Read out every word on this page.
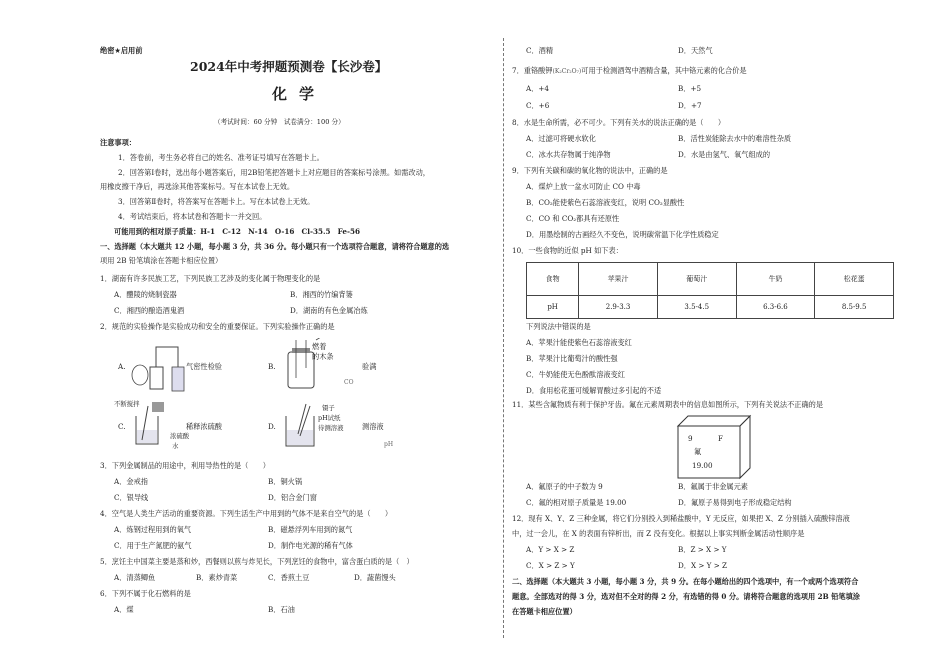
绝密★启用前
2024年中考押题预测卷【长沙卷】
化学
（考试时间：60 分钟　试卷满分：100 分）
注意事项：
1．答卷前，考生务必将自己的姓名、准考证号填写在答题卡上。
2．回答第Ⅰ卷时，选出每小题答案后，用2B铅笔把答题卡上对应题目的答案标号涂黑。如需改动，
用橡皮擦干净后，再选涂其他答案标号。写在本试卷上无效。
3．回答第Ⅱ卷时，将答案写在答题卡上。写在本试卷上无效。
4．考试结束后，将本试卷和答题卡一并交回。
可能用到的相对原子质量：H-1　C-12　N-14　O-16　Cl-35.5　Fe-56
一、选择题（本大题共 12 小题，每小题 3 分，共 36 分。每小题只有一个选项符合题意，请将符合题意的选
项用 2B 铅笔填涂在答题卡相应位置）
1．湖南有许多民族工艺，下列民族工艺涉及的变化属于物理变化的是
A．醴陵的烧制瓷器	B．湘西的竹编背篓
C．湘西的酿造酒鬼酒	D．湖南的有色金属冶炼
2．规范的实验操作是实验成功和安全的重要保证。下列实验操作正确的是
A.	气密性检验	B.
燃着
的木条
验满
CO
C.
不断搅拌
浓硫酸
水
稀释浓硫酸	D.
镊子
pH试纸
待测溶液	测溶液
pH
3．下列金属制品的用途中，利用导热性的是（　　）
A．金戒指	B．铜火锅
C．银导线	D．铝合金门窗
4．空气是人类生产活动的重要资源。下列生活生产中用到的气体不是来自空气的是（　　）
A．炼钢过程用到的氧气	B．磁悬浮列车用到的氮气
C．用于生产氮肥的氨气	D．制作电光源的稀有气体
5．烹饪主中国菜主要是蒸和炒，西餐则以煎与炸见长，下列烹饪的食物中，富含蛋白质的是（　）
A．清蒸鲫鱼	B．素炒青菜	C．香煎土豆	D．蔬菌馒头
6．下列不属于化石燃料的是
A．煤	B．石油
C．酒精	D．天然气
7．重铬酸钾(K₂Cr₂O₇)可用于检测酒驾中酒精含量，其中铬元素的化合价是
A．+4	B．+5
C．+6	D．+7
8．水是生命所需，必不可少。下列有关水的说法正确的是（　　）
A．过滤可将硬水软化	B．活性炭能除去水中的难溶性杂质
C．冰水共存物属于纯净物	D．水是由氢气、氧气组成的
9．下列有关碳和碳的氧化物的说法中，正确的是
A．煤炉上放一盆水可防止 CO 中毒
B．CO₂能使紫色石蕊溶液变红，说明 CO₂显酸性
C．CO 和 CO₂都具有还原性
D．用墨绘制的古画经久不变色，说明碳常温下化学性质稳定
10．一些食物的近似 pH 如下表：
食物	苹果汁	葡萄汁	牛奶	松花蛋
pH	2.9-3.3	3.5-4.5	6.3-6.6	8.5-9.5
下列说法中错误的是
A．苹果汁能使紫色石蕊溶液变红
B．苹果汁比葡萄汁的酸性强
C．牛奶能使无色酚酞溶液变红
D．食用松花蛋可缓解胃酸过多引起的不适
11．某些含氟物质有利于保护牙齿。氟在元素周期表中的信息如图所示，下列有关说法不正确的是
9	F
氟
19.00
A．氟原子的中子数为 9	B．氟属于非金属元素
C．氟的相对原子质量是 19.00	D．氟原子易得到电子形成稳定结构
12．现有 X、Y、Z 三种金属，将它们分别投入到稀盐酸中，Y 无反应，如果把 X、Z 分别插入硫酸锌溶液
中，过一会儿，在 X 的表面有锌析出，而 Z 没有变化。根据以上事实判断金属活动性顺序是
A．Y > X > Z	B．Z > X > Y
C．X > Z > Y	D．X > Y > Z
二、选择题（本大题共 3 小题，每小题 3 分，共 9 分。在每小题给出的四个选项中，有一个或两个选项符合
题意。全部选对的得 3 分，选对但不全对的得 2 分，有选错的得 0 分。请将符合题意的选项用 2B 铅笔填涂
在答题卡相应位置）
